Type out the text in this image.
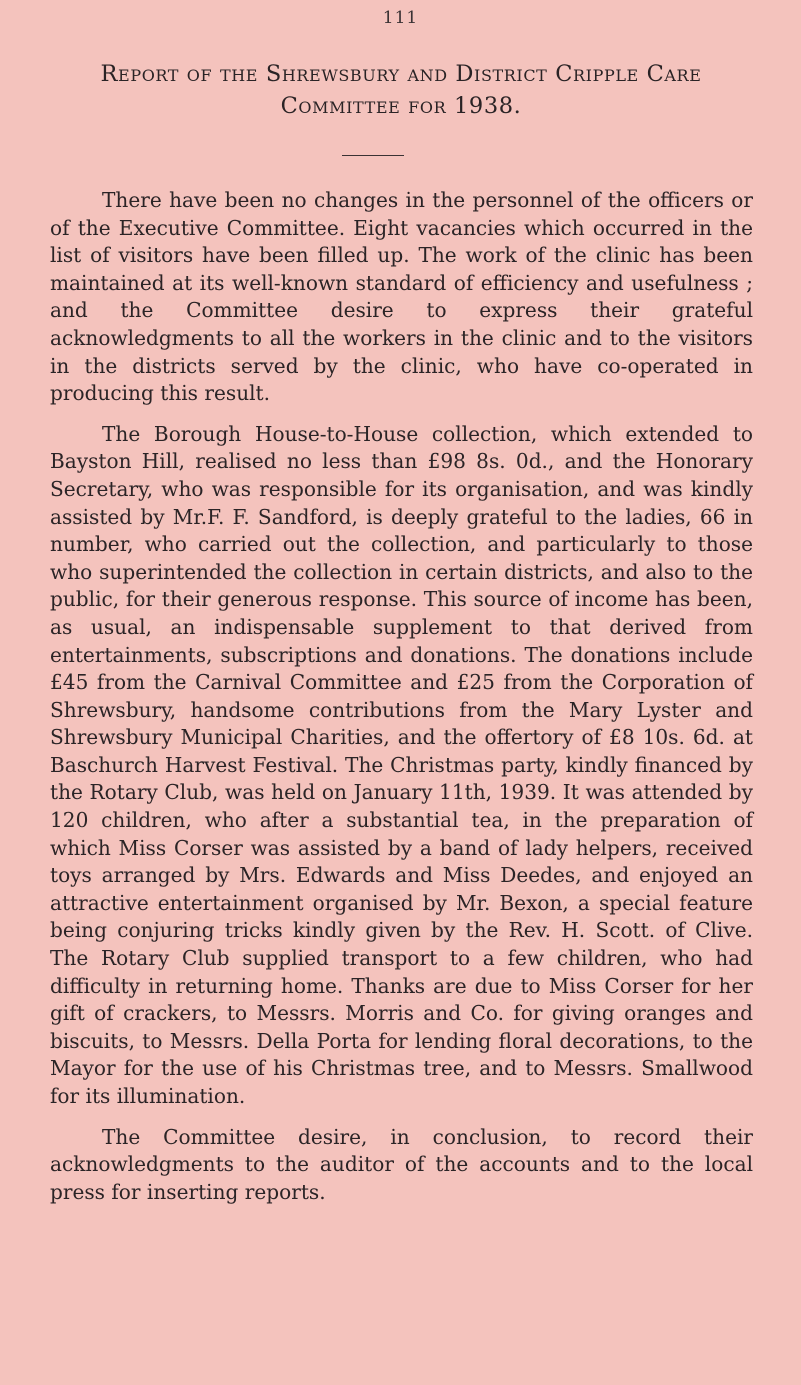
111
Report of the Shrewsbury and District Cripple Care
Committee for 1938.

There have been no changes in the personnel of the officers or of the Executive Committee. Eight vacancies which occurred in the list of visitors have been filled up. The work of the clinic has been maintained at its well-known standard of efficiency and usefulness ; and the Committee desire to express their grateful acknowledgments to all the workers in the clinic and to the visitors in the districts served by the clinic, who have co-operated in producing this result.

The Borough House-to-House collection, which extended to Bayston Hill, realised no less than £98 8s. 0d., and the Honorary Secretary, who was responsible for its organisation, and was kindly assisted by Mr.F. F. Sandford, is deeply grateful to the ladies, 66 in number, who carried out the collection, and particularly to those who superintended the collection in certain districts, and also to the public, for their generous response. This source of income has been, as usual, an indispensable supplement to that derived from entertainments, subscriptions and donations. The donations include £45 from the Carnival Committee and £25 from the Corporation of Shrewsbury, handsome contributions from the Mary Lyster and Shrewsbury Municipal Charities, and the offertory of £8 10s. 6d. at Baschurch Harvest Festival. The Christmas party, kindly financed by the Rotary Club, was held on January 11th, 1939. It was attended by 120 children, who after a substantial tea, in the preparation of which Miss Corser was assisted by a band of lady helpers, received toys arranged by Mrs. Edwards and Miss Deedes, and enjoyed an attractive entertainment organised by Mr. Bexon, a special feature being conjuring tricks kindly given by the Rev. H. Scott. of Clive. The Rotary Club supplied transport to a few children, who had difficulty in returning home. Thanks are due to Miss Corser for her gift of crackers, to Messrs. Morris and Co. for giving oranges and biscuits, to Messrs. Della Porta for lending floral decorations, to the Mayor for the use of his Christmas tree, and to Messrs. Smallwood for its illumination.

The Committee desire, in conclusion, to record their acknowledgments to the auditor of the accounts and to the local press for inserting reports.
